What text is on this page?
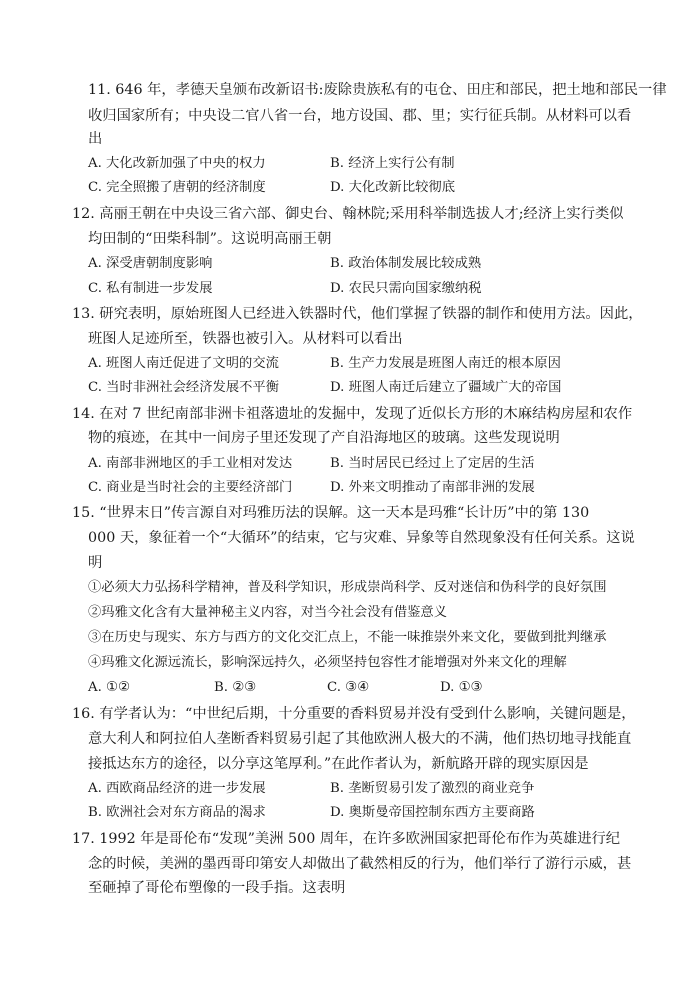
11. 646 年，孝德天皇颁布改新诏书:废除贵族私有的屯仓、田庄和部民，把土地和部民一律
收归国家所有；中央设二官八省一台，地方设国、郡、里；实行征兵制。从材料可以看
出
A. 大化改新加强了中央的权力	B. 经济上实行公有制
C. 完全照搬了唐朝的经济制度	D. 大化改新比较彻底
12. 高丽王朝在中央设三省六部、御史台、翰林院;采用科举制选拔人才;经济上实行类似
均田制的“田柴科制”。这说明高丽王朝
A. 深受唐朝制度影响	B. 政治体制发展比较成熟
C. 私有制进一步发展	D. 农民只需向国家缴纳税
13. 研究表明，原始班图人已经进入铁器时代，他们掌握了铁器的制作和使用方法。因此，
班图人足迹所至，铁器也被引入。从材料可以看出
A. 班图人南迁促进了文明的交流	B. 生产力发展是班图人南迁的根本原因
C. 当时非洲社会经济发展不平衡	D. 班图人南迁后建立了疆域广大的帝国
14. 在对 7 世纪南部非洲卡祖落遗址的发掘中，发现了近似长方形的木麻结构房屋和农作
物的痕迹，在其中一间房子里还发现了产自沿海地区的玻璃。这些发现说明
A. 南部非洲地区的手工业相对发达	B. 当时居民已经过上了定居的生活
C. 商业是当时社会的主要经济部门	D. 外来文明推动了南部非洲的发展
15. “世界末日”传言源自对玛雅历法的误解。这一天本是玛雅“长计历”中的第 130
000 天，象征着一个“大循环”的结束，它与灾难、异象等自然现象没有任何关系。这说
明
①必须大力弘扬科学精神，普及科学知识，形成崇尚科学、反对迷信和伪科学的良好氛围
②玛雅文化含有大量神秘主义内容，对当今社会没有借鉴意义
③在历史与现实、东方与西方的文化交汇点上，不能一味推崇外来文化，要做到批判继承
④玛雅文化源远流长，影响深远持久，必须坚持包容性才能增强对外来文化的理解
A. ①②	B. ②③	C. ③④	D. ①③
16. 有学者认为：“中世纪后期，十分重要的香料贸易并没有受到什么影响，关键问题是，
意大利人和阿拉伯人垄断香料贸易引起了其他欧洲人极大的不满，他们热切地寻找能直
接抵达东方的途径，以分享这笔厚利。”在此作者认为，新航路开辟的现实原因是
A. 西欧商品经济的进一步发展	B. 垄断贸易引发了激烈的商业竞争
B. 欧洲社会对东方商品的渴求	D. 奥斯曼帝国控制东西方主要商路
17. 1992 年是哥伦布“发现”美洲 500 周年，在许多欧洲国家把哥伦布作为英雄进行纪
念的时候，美洲的墨西哥印第安人却做出了截然相反的行为，他们举行了游行示威，甚
至砸掉了哥伦布塑像的一段手指。这表明
